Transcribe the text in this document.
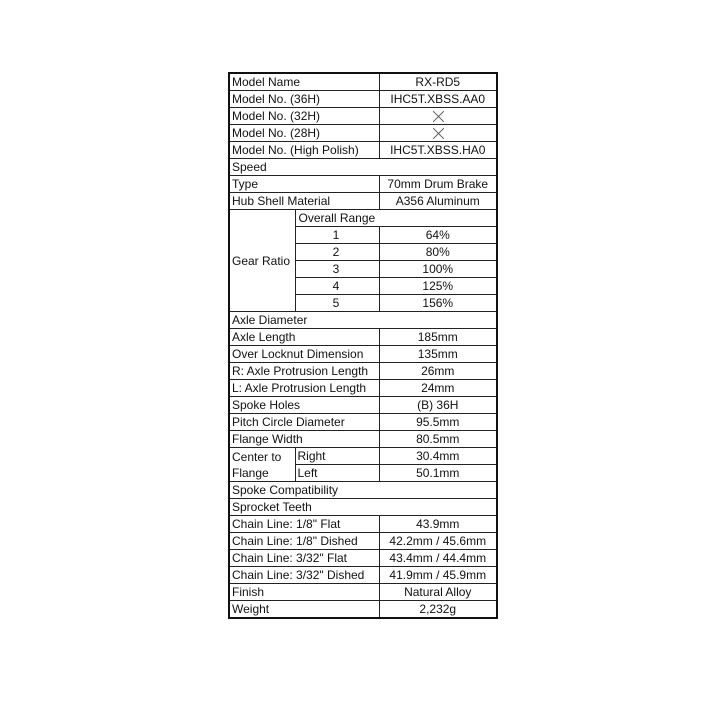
Model Name		RX-RD5
Model No. (36H)		IHC5T.XBSS.AA0
Model No. (32H)		
Model No. (28H)		
Model No. (High Polish)		IHC5T.XBSS.HA0
Speed		
Type		70mm Drum Brake
Hub Shell Material		A356 Aluminum
Gear Ratio	Overall Range	
	1	64%
	2	80%
	3	100%
	4	125%
	5	156%
Axle Diameter		
Axle Length		185mm
Over Locknut Dimension		135mm
R: Axle Protrusion Length		26mm
L: Axle Protrusion Length		24mm
Spoke Holes		(B) 36H
Pitch Circle Diameter		95.5mm
Flange Width		80.5mm

Center to
Flange	Right	30.4mm
	Left	50.1mm
Spoke Compatibility		
Sprocket Teeth		
Chain Line: 1/8" Flat		43.9mm
Chain Line: 1/8" Dished		42.2mm / 45.6mm
Chain Line: 3/32" Flat		43.4mm / 44.4mm
Chain Line: 3/32" Dished		41.9mm / 45.9mm
Finish		Natural Alloy
Weight		2,232g
